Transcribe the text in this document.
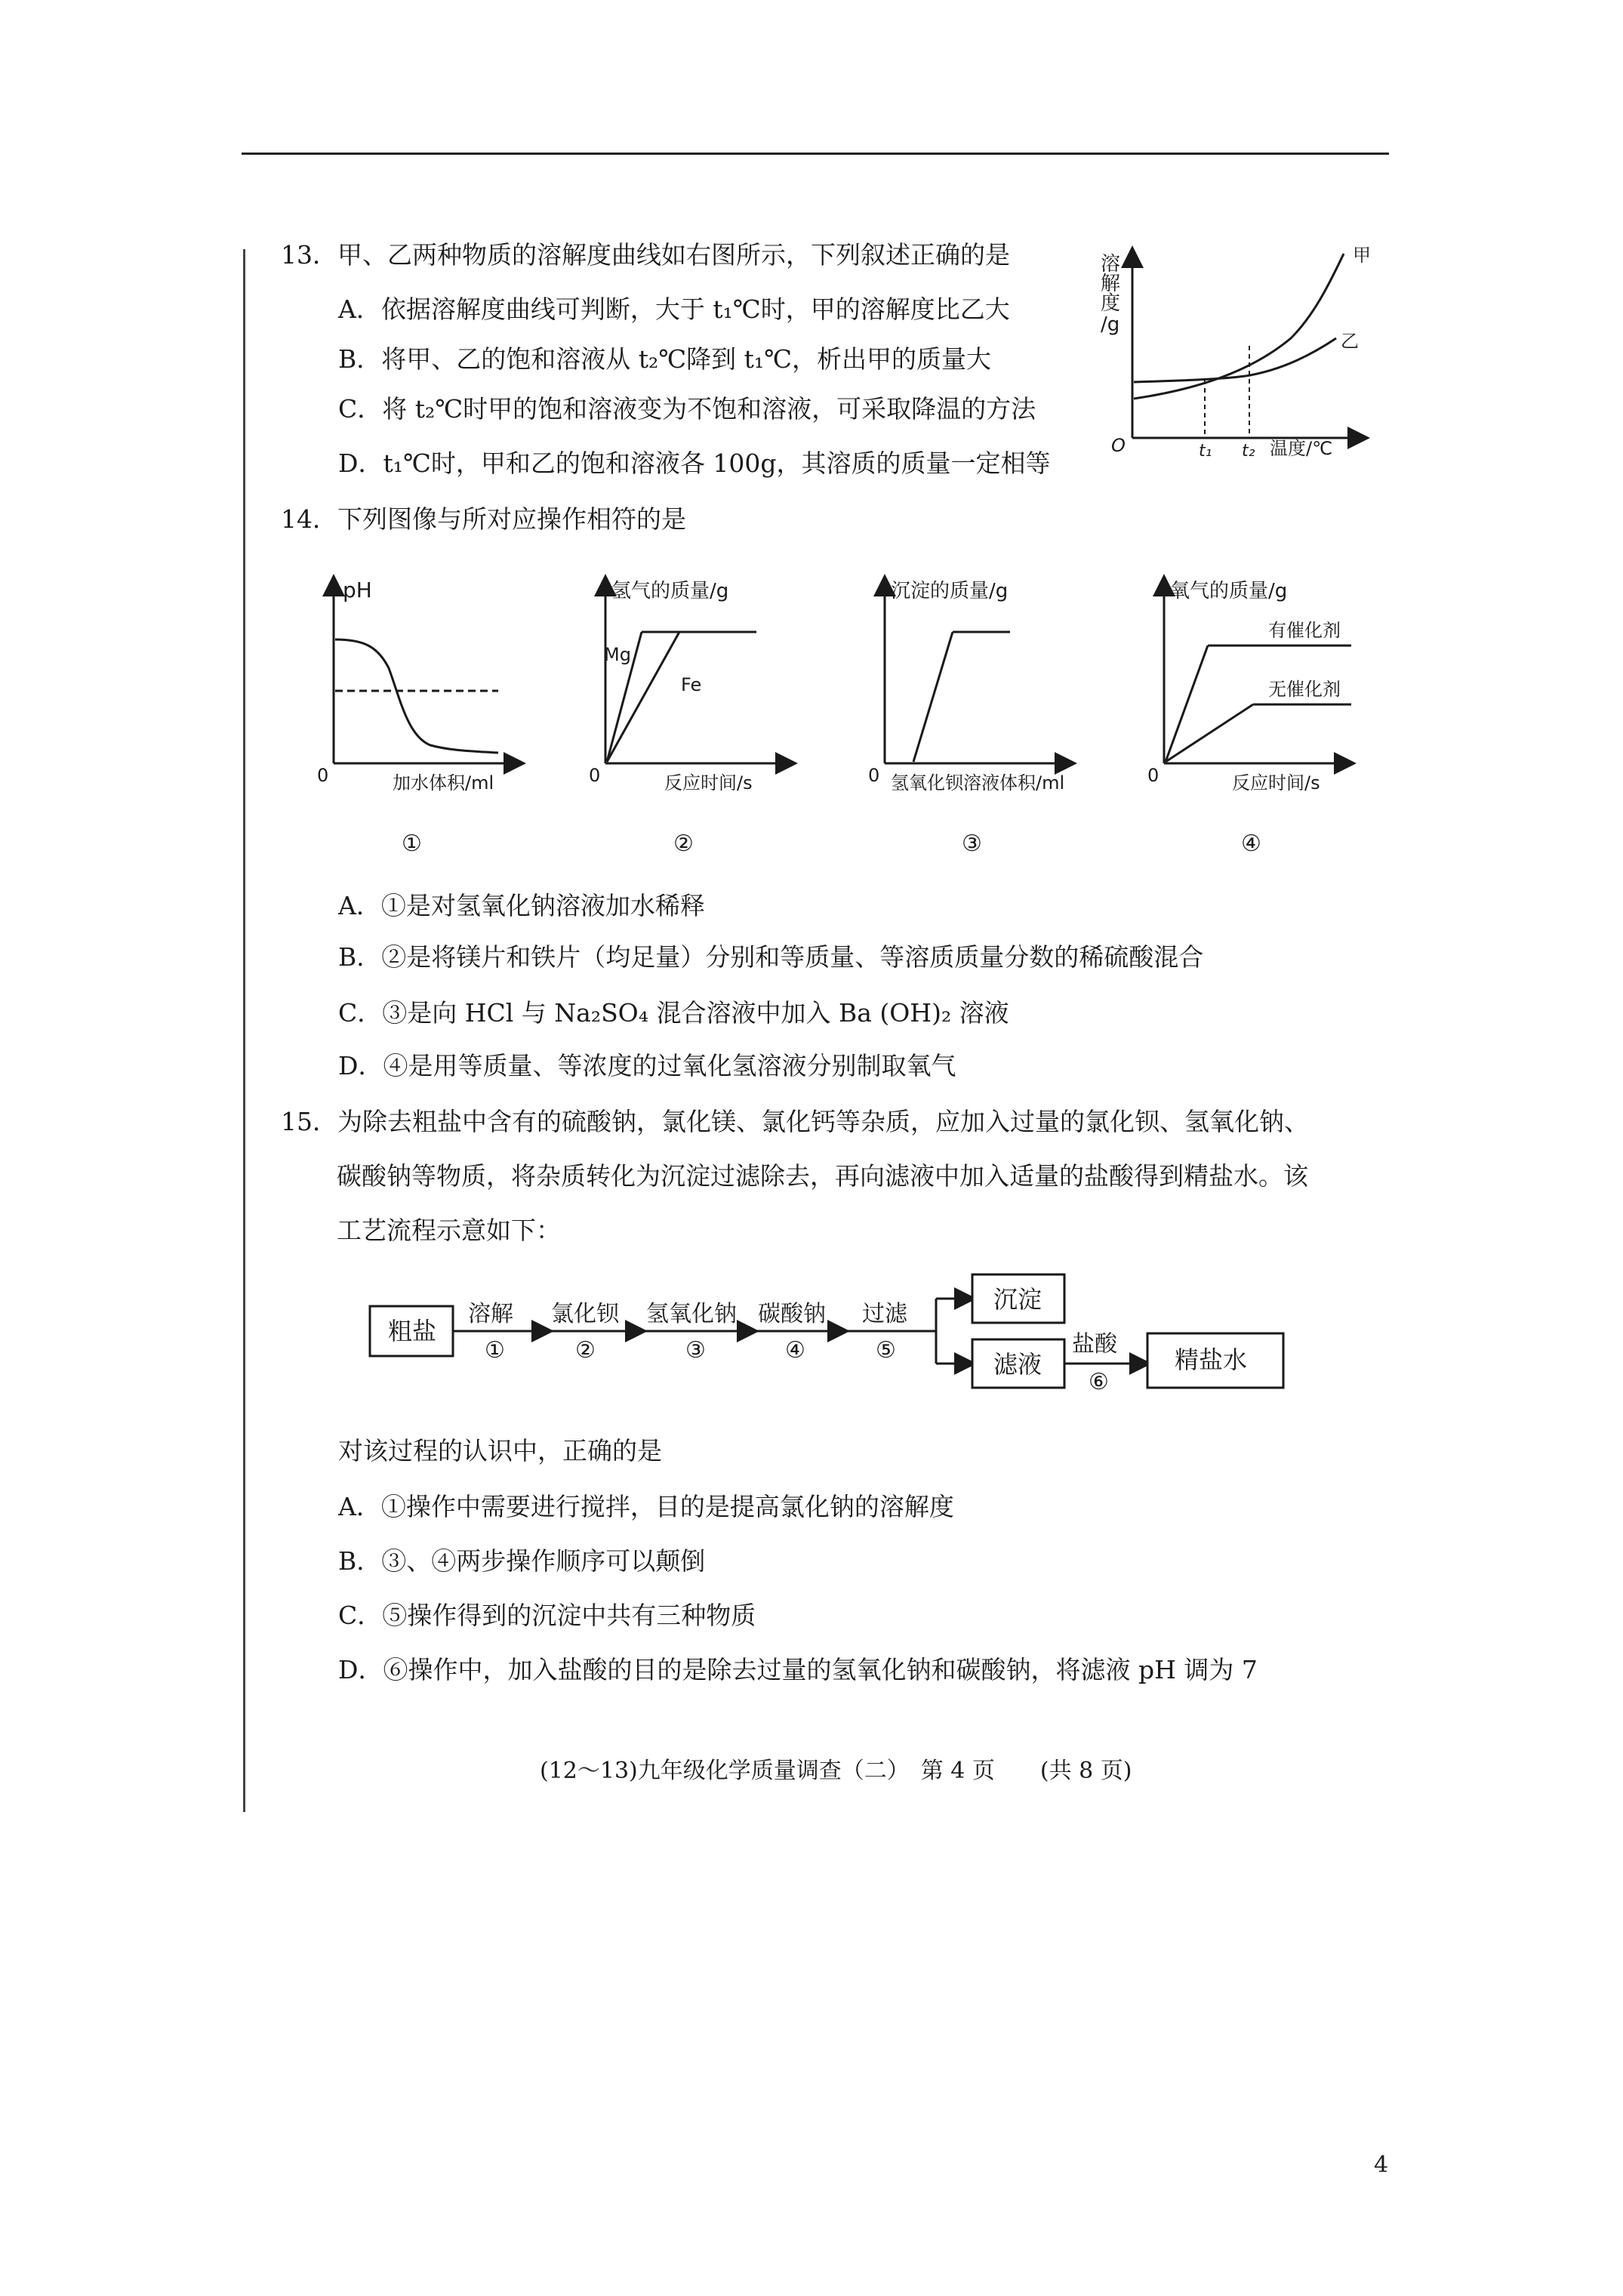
13．甲、乙两种物质的溶解度曲线如右图所示，下列叙述正确的是
A．依据溶解度曲线可判断，大于 t₁℃时，甲的溶解度比乙大
B．将甲、乙的饱和溶液从 t₂℃降到 t₁℃，析出甲的质量大
C．将 t₂℃时甲的饱和溶液变为不饱和溶液，可采取降温的方法
D．t₁℃时，甲和乙的饱和溶液各 100g，其溶质的质量一定相等
溶
解
度
/g
O	t₁ t₂ 温度/℃
甲
乙
14．下列图像与所对应操作相符的是
pH
0	加水体积/ml
①
氢气的质量/g
Mg
Fe
0	反应时间/s
②
沉淀的质量/g
0 氢氧化钡溶液体积/ml
③
氧气的质量/g
有催化剂
无催化剂
0	反应时间/s
④
A．①是对氢氧化钠溶液加水稀释
B．②是将镁片和铁片（均足量）分别和等质量、等溶质质量分数的稀硫酸混合
C．③是向 HCl 与 Na₂SO₄ 混合溶液中加入 Ba (OH)₂ 溶液
D．④是用等质量、等浓度的过氧化氢溶液分别制取氧气
15．为除去粗盐中含有的硫酸钠，氯化镁、氯化钙等杂质，应加入过量的氯化钡、氢氧化钠、
碳酸钠等物质，将杂质转化为沉淀过滤除去，再向滤液中加入适量的盐酸得到精盐水。该
工艺流程示意如下：
粗盐
溶解
①
氯化钡
②
氢氧化钠
③
碳酸钠
④
过滤
⑤
沉淀
滤液
盐酸
⑥
精盐水
对该过程的认识中，正确的是
A．①操作中需要进行搅拌，目的是提高氯化钠的溶解度
B．③、④两步操作顺序可以颠倒
C．⑤操作得到的沉淀中共有三种物质
D．⑥操作中，加入盐酸的目的是除去过量的氢氧化钠和碳酸钠，将滤液 pH 调为 7
(12～13)九年级化学质量调查（二）　第 4 页　　(共 8 页)
4
